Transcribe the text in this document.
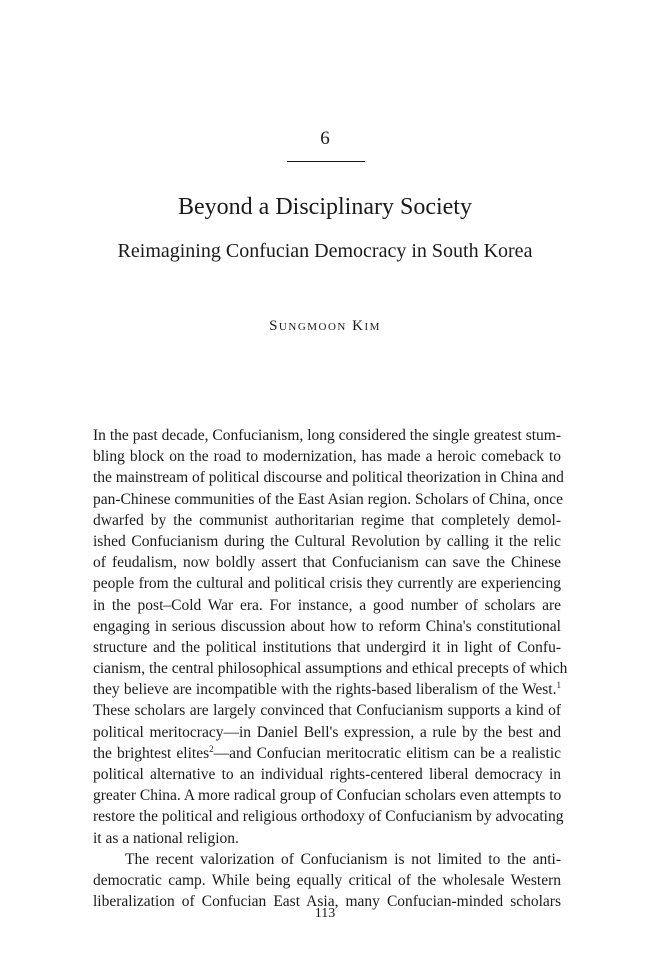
6
Beyond a Disciplinary Society
Reimagining Confucian Democracy in South Korea
Sungmoon Kim
In the past decade, Confucianism, long considered the single greatest stum-
bling block on the road to modernization, has made a heroic comeback to
the mainstream of political discourse and political theorization in China and
pan-Chinese communities of the East Asian region. Scholars of China, once
dwarfed by the communist authoritarian regime that completely demol-
ished Confucianism during the Cultural Revolution by calling it the relic
of feudalism, now boldly assert that Confucianism can save the Chinese
people from the cultural and political crisis they currently are experiencing
in the post–Cold War era. For instance, a good number of scholars are
engaging in serious discussion about how to reform China's constitutional
structure and the political institutions that undergird it in light of Confu-
cianism, the central philosophical assumptions and ethical precepts of which
they believe are incompatible with the rights-based liberalism of the West.$^1$
These scholars are largely convinced that Confucianism supports a kind of
political meritocracy—in Daniel Bell's expression, a rule by the best and
the brightest elites$^2$—and Confucian meritocratic elitism can be a realistic
political alternative to an individual rights-centered liberal democracy in
greater China. A more radical group of Confucian scholars even attempts to
restore the political and religious orthodoxy of Confucianism by advocating
it as a national religion.
The recent valorization of Confucianism is not limited to the anti-
democratic camp. While being equally critical of the wholesale Western
liberalization of Confucian East Asia, many Confucian-minded scholars
113
